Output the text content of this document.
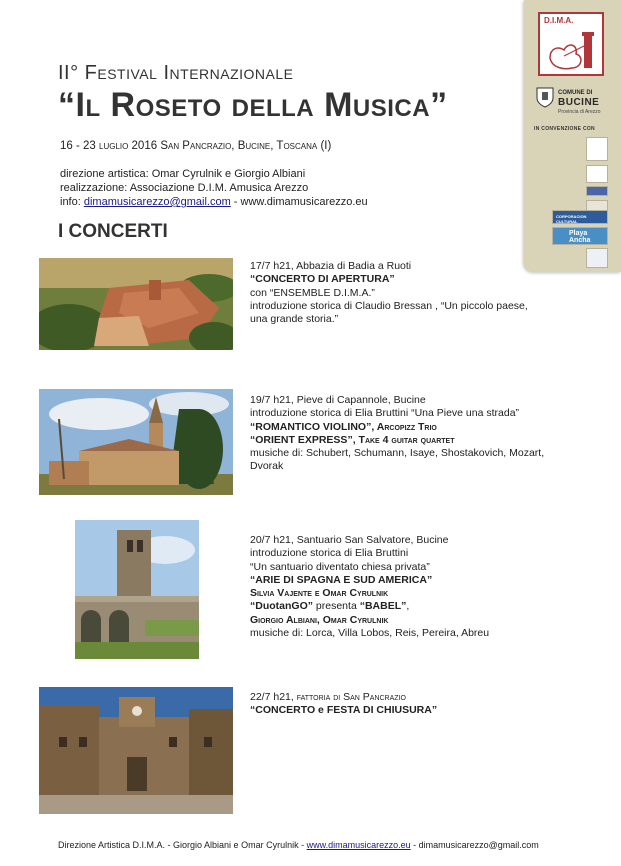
D.I.M.A.
COMUNE DI
BUCINE
Provincia di Arezzo
IN CONVENZIONE CON
CORPORACION CULTURAL
Playa Ancha
II° Festival Internazionale
“Il Roseto della Musica”
16 - 23 luglio 2016 San Pancrazio, Bucine, Toscana (I)
direzione artistica: Omar Cyrulnik e Giorgio Albiani
realizzazione: Associazione D.I.M. Amusica Arezzo
info: dimamusicarezzo@gmail.com - www.dimamusicarezzo.eu
I CONCERTI
17/7 h21, Abbazia di Badia a Ruoti
“CONCERTO DI APERTURA”
con “ENSEMBLE D.I.M.A.”
introduzione storica di Claudio Bressan , “Un piccolo paese,
una grande storia.”
19/7 h21, Pieve di Capannole, Bucine
introduzione storica di Elia Bruttini “Una Pieve una strada”
“ROMANTICO VIOLINO”, Arcopizz Trio
“ORIENT EXPRESS”, Take 4 guitar quartet
musiche di: Schubert, Schumann, Isaye, Shostakovich, Mozart,
Dvorak
20/7 h21, Santuario San Salvatore, Bucine
introduzione storica di Elia Bruttini
“Un santuario diventato chiesa privata”
“ARIE DI SPAGNA E SUD AMERICA”
Silvia Vajente e Omar Cyrulnik
“DuotanGO” presenta “BABEL”,
Giorgio Albiani, Omar Cyrulnik
musiche di: Lorca, Villa Lobos, Reis, Pereira, Abreu
22/7 h21, fattoria di San Pancrazio
“CONCERTO e FESTA DI CHIUSURA”
Direzione Artistica D.I.M.A. - Giorgio Albiani e Omar Cyrulnik - www.dimamusicarezzo.eu - dimamusicarezzo@gmail.com
